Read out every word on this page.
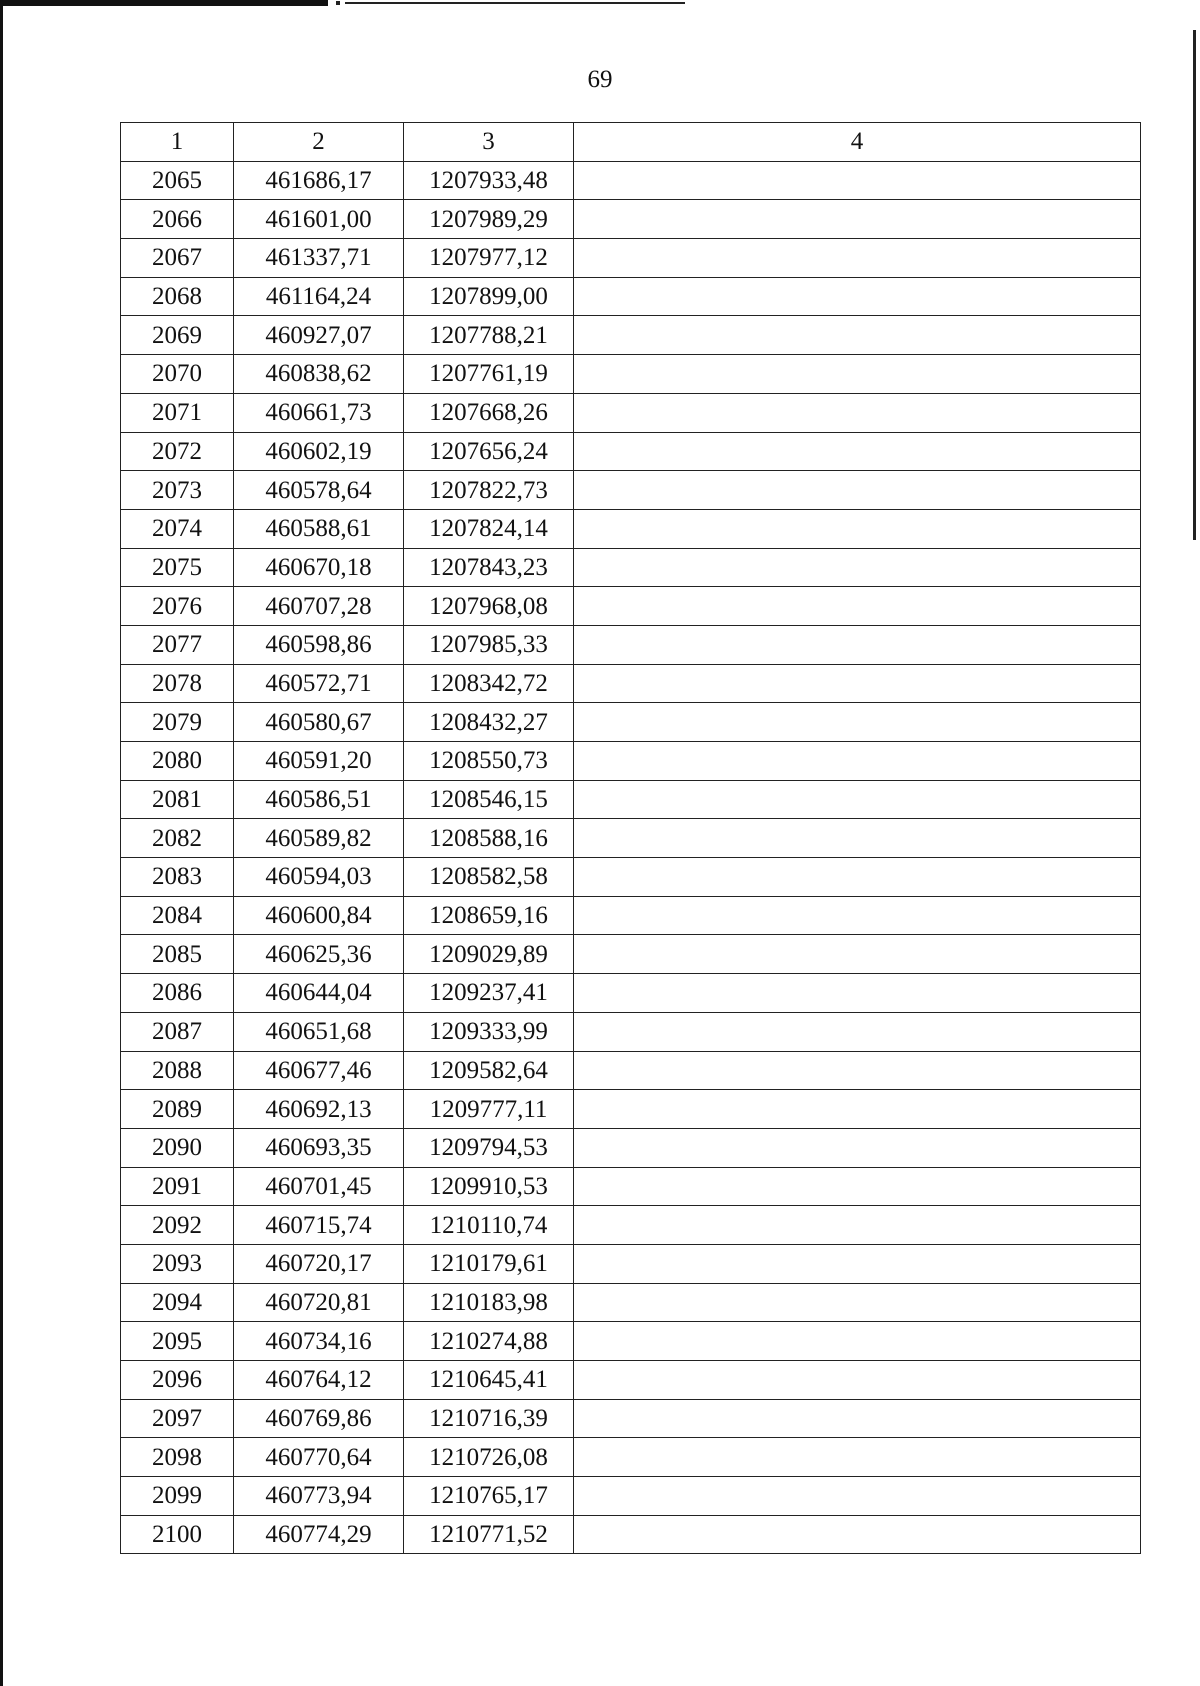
69
1	2	3	4
2065	461686,17	1207933,48	
2066	461601,00	1207989,29	
2067	461337,71	1207977,12	
2068	461164,24	1207899,00	
2069	460927,07	1207788,21	
2070	460838,62	1207761,19	
2071	460661,73	1207668,26	
2072	460602,19	1207656,24	
2073	460578,64	1207822,73	
2074	460588,61	1207824,14	
2075	460670,18	1207843,23	
2076	460707,28	1207968,08	
2077	460598,86	1207985,33	
2078	460572,71	1208342,72	
2079	460580,67	1208432,27	
2080	460591,20	1208550,73	
2081	460586,51	1208546,15	
2082	460589,82	1208588,16	
2083	460594,03	1208582,58	
2084	460600,84	1208659,16	
2085	460625,36	1209029,89	
2086	460644,04	1209237,41	
2087	460651,68	1209333,99	
2088	460677,46	1209582,64	
2089	460692,13	1209777,11	
2090	460693,35	1209794,53	
2091	460701,45	1209910,53	
2092	460715,74	1210110,74	
2093	460720,17	1210179,61	
2094	460720,81	1210183,98	
2095	460734,16	1210274,88	
2096	460764,12	1210645,41	
2097	460769,86	1210716,39	
2098	460770,64	1210726,08	
2099	460773,94	1210765,17	
2100	460774,29	1210771,52	
